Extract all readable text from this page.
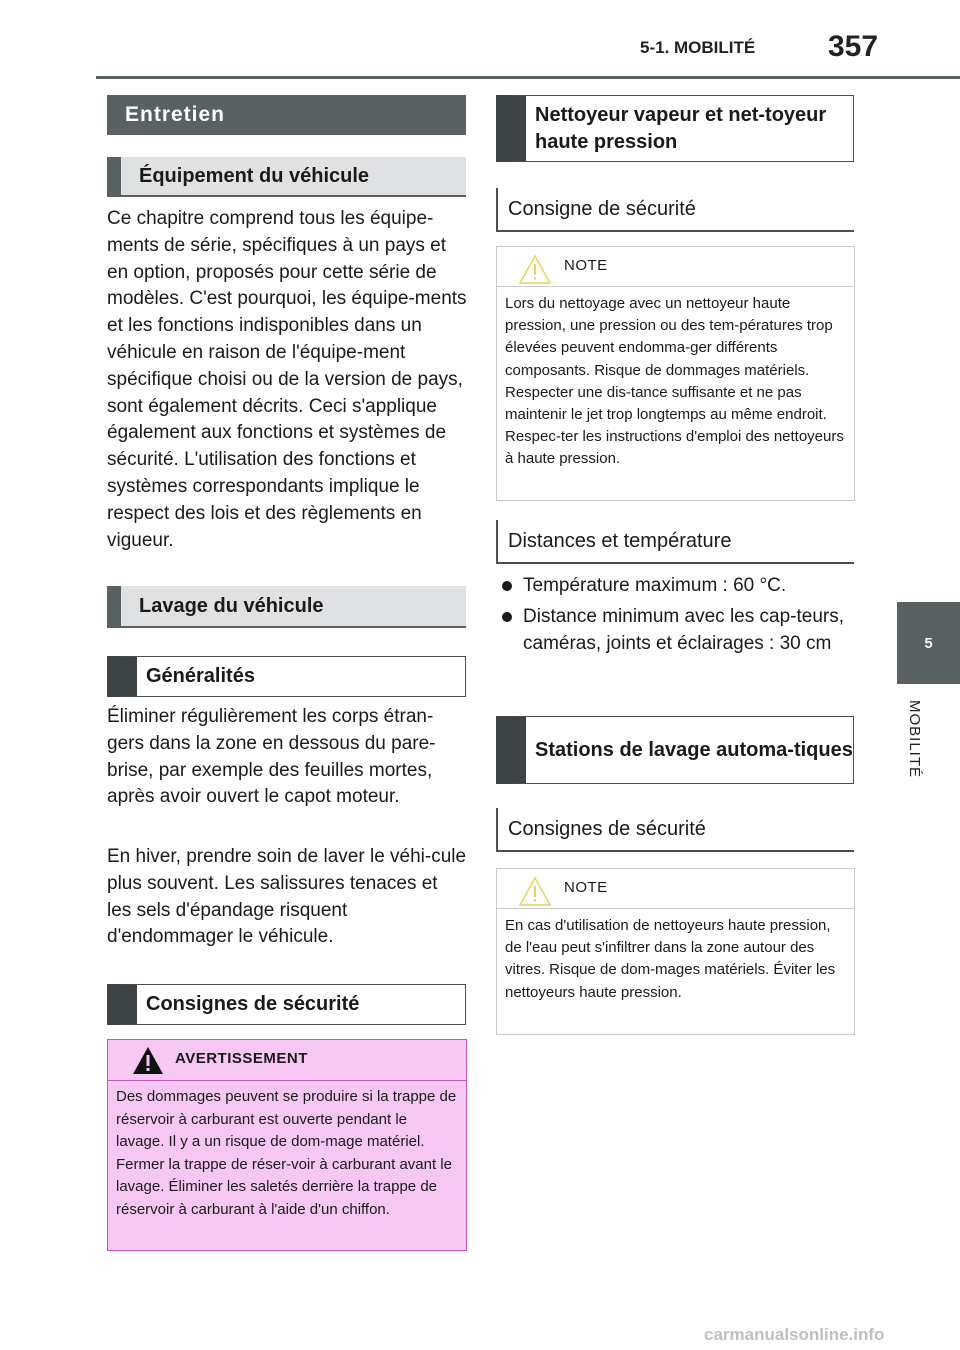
5-1. MOBILITÉ 357
5
MOBILITÉ
Entretien
Équipement du véhicule
Ce chapitre comprend tous les équipe-ments de série, spécifiques à un pays et en option, proposés pour cette série de modèles. C'est pourquoi, les équipe-ments et les fonctions indisponibles dans un véhicule en raison de l'équipe-ment spécifique choisi ou de la version de pays, sont également décrits. Ceci s'applique également aux fonctions et systèmes de sécurité. L'utilisation des fonctions et systèmes correspondants implique le respect des lois et des règlements en vigueur.
Lavage du véhicule
Généralités
Éliminer régulièrement les corps étran-gers dans la zone en dessous du pare-brise, par exemple des feuilles mortes, après avoir ouvert le capot moteur.
En hiver, prendre soin de laver le véhi-cule plus souvent. Les salissures tenaces et les sels d'épandage risquent d'endommager le véhicule.
Consignes de sécurité
AVERTISSEMENT
Des dommages peuvent se produire si la trappe de réservoir à carburant est ouverte pendant le lavage. Il y a un risque de dom-mage matériel. Fermer la trappe de réser-voir à carburant avant le lavage. Éliminer les saletés derrière la trappe de réservoir à carburant à l'aide d'un chiffon.
Nettoyeur vapeur et net-toyeur haute pression
Consigne de sécurité
NOTE
Lors du nettoyage avec un nettoyeur haute pression, une pression ou des tem-pératures trop élevées peuvent endomma-ger différents composants. Risque de dommages matériels. Respecter une dis-tance suffisante et ne pas maintenir le jet trop longtemps au même endroit. Respec-ter les instructions d'emploi des nettoyeurs à haute pression.
Distances et température
Température maximum : 60 °C.
Distance minimum avec les cap-teurs, caméras, joints et éclairages : 30 cm
Stations de lavage automa-tiques
Consignes de sécurité
NOTE
En cas d'utilisation de nettoyeurs haute pression, de l'eau peut s'infiltrer dans la zone autour des vitres. Risque de dom-mages matériels. Éviter les nettoyeurs haute pression.
carmanualsonline.info
